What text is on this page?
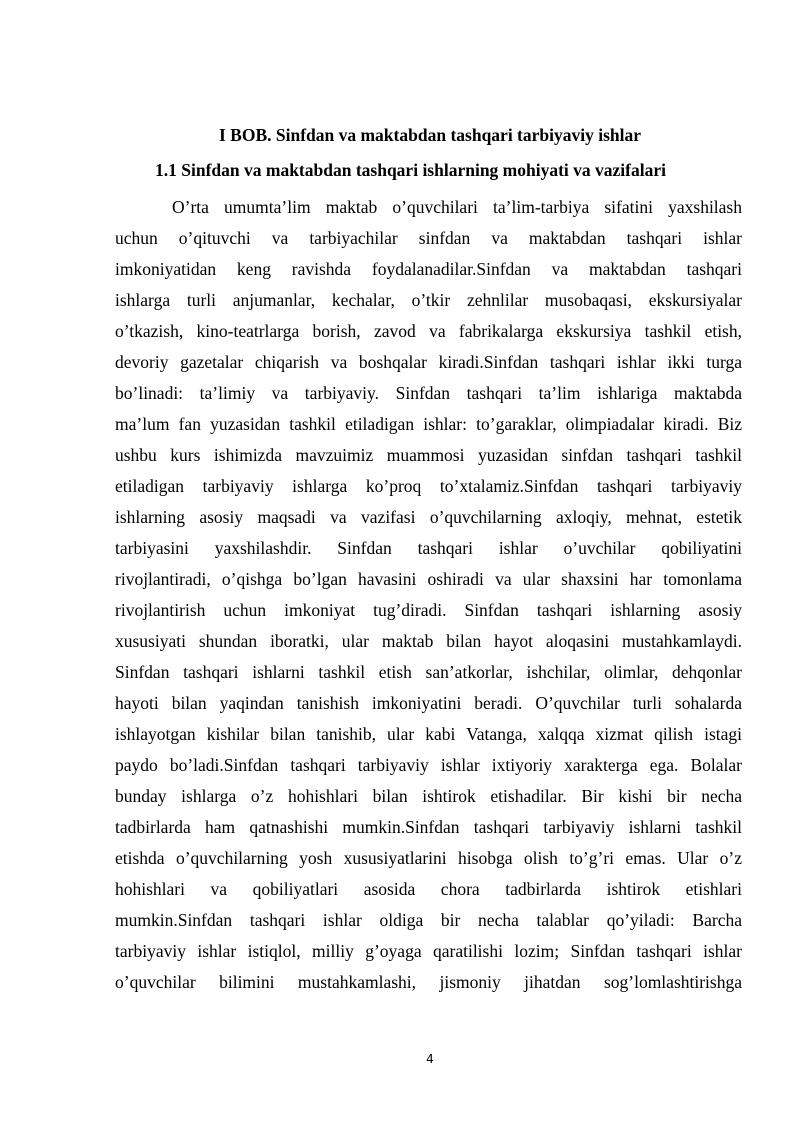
I BOB. Sinfdan va maktabdan tashqari tarbiyaviy ishlar
1.1 Sinfdan va maktabdan tashqari ishlarning mohiyati va vazifalari
O’rta umumta’lim maktab o’quvchilari ta’lim-tarbiya sifatini yaxshilash
uchun o’qituvchi va tarbiyachilar sinfdan va maktabdan tashqari ishlar
imkoniyatidan keng ravishda foydalanadilar.Sinfdan va maktabdan tashqari
ishlarga turli anjumanlar, kechalar, o’tkir zehnlilar musobaqasi, ekskursiyalar
o’tkazish, kino-teatrlarga borish, zavod va fabrikalarga ekskursiya tashkil etish,
devoriy gazetalar chiqarish va boshqalar kiradi.Sinfdan tashqari ishlar ikki turga
bo’linadi: ta’limiy va tarbiyaviy. Sinfdan tashqari ta’lim ishlariga maktabda
ma’lum fan yuzasidan tashkil etiladigan ishlar: to’garaklar, olimpiadalar kiradi. Biz
ushbu kurs ishimizda mavzuimiz muammosi yuzasidan sinfdan tashqari tashkil
etiladigan tarbiyaviy ishlarga ko’proq to’xtalamiz.Sinfdan tashqari tarbiyaviy
ishlarning asosiy maqsadi va vazifasi o’quvchilarning axloqiy, mehnat, estetik
tarbiyasini yaxshilashdir. Sinfdan tashqari ishlar o’uvchilar qobiliyatini
rivojlantiradi, o’qishga bo’lgan havasini oshiradi va ular shaxsini har tomonlama
rivojlantirish uchun imkoniyat tug’diradi. Sinfdan tashqari ishlarning asosiy
xususiyati shundan iboratki, ular maktab bilan hayot aloqasini mustahkamlaydi.
Sinfdan tashqari ishlarni tashkil etish san’atkorlar, ishchilar, olimlar, dehqonlar
hayoti bilan yaqindan tanishish imkoniyatini beradi. O’quvchilar turli sohalarda
ishlayotgan kishilar bilan tanishib, ular kabi Vatanga, xalqqa xizmat qilish istagi
paydo bo’ladi.Sinfdan tashqari tarbiyaviy ishlar ixtiyoriy xarakterga ega. Bolalar
bunday ishlarga o’z hohishlari bilan ishtirok etishadilar. Bir kishi bir necha
tadbirlarda ham qatnashishi mumkin.Sinfdan tashqari tarbiyaviy ishlarni tashkil
etishda o’quvchilarning yosh xususiyatlarini hisobga olish to’g’ri emas. Ular o’z
hohishlari va qobiliyatlari asosida chora tadbirlarda ishtirok etishlari
mumkin.Sinfdan tashqari ishlar oldiga bir necha talablar qo’yiladi: Barcha
tarbiyaviy ishlar istiqlol, milliy g’oyaga qaratilishi lozim; Sinfdan tashqari ishlar
o’quvchilar bilimini mustahkamlashi, jismoniy jihatdan sog’lomlashtirishga
4
